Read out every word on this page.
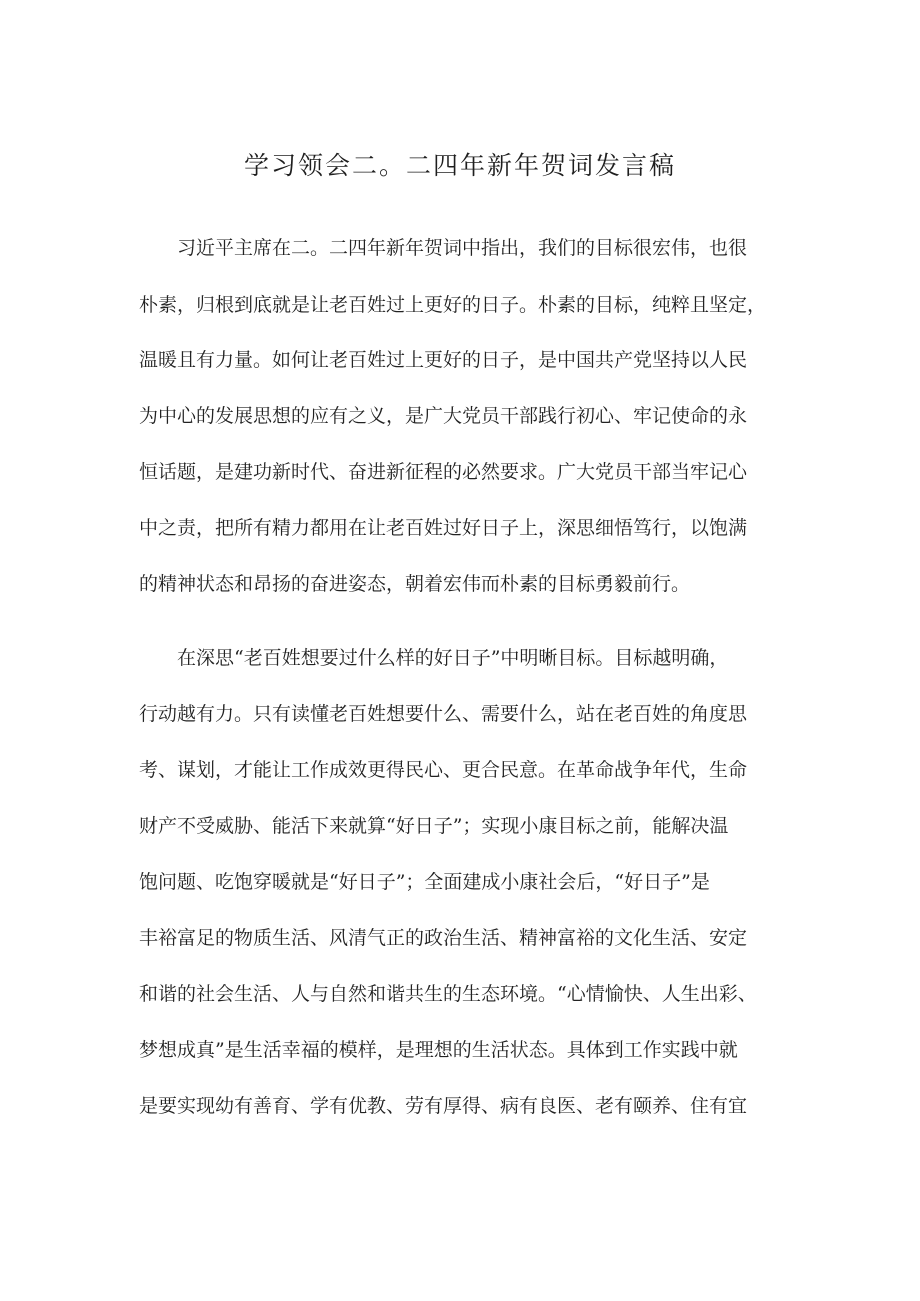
学习领会二。二四年新年贺词发言稿
习近平主席在二。二四年新年贺词中指出，我们的目标很宏伟，也很
朴素，归根到底就是让老百姓过上更好的日子。朴素的目标，纯粹且坚定，
温暖且有力量。如何让老百姓过上更好的日子，是中国共产党坚持以人民
为中心的发展思想的应有之义，是广大党员干部践行初心、牢记使命的永
恒话题，是建功新时代、奋进新征程的必然要求。广大党员干部当牢记心
中之责，把所有精力都用在让老百姓过好日子上，深思细悟笃行，以饱满
的精神状态和昂扬的奋进姿态，朝着宏伟而朴素的目标勇毅前行。
在深思“老百姓想要过什么样的好日子”中明晰目标。目标越明确，
行动越有力。只有读懂老百姓想要什么、需要什么，站在老百姓的角度思
考、谋划，才能让工作成效更得民心、更合民意。在革命战争年代，生命
财产不受威胁、能活下来就算“好日子”；实现小康目标之前，能解决温
饱问题、吃饱穿暖就是“好日子”；全面建成小康社会后，“好日子”是
丰裕富足的物质生活、风清气正的政治生活、精神富裕的文化生活、安定
和谐的社会生活、人与自然和谐共生的生态环境。“心情愉快、人生出彩、
梦想成真”是生活幸福的模样，是理想的生活状态。具体到工作实践中就
是要实现幼有善育、学有优教、劳有厚得、病有良医、老有颐养、住有宜
